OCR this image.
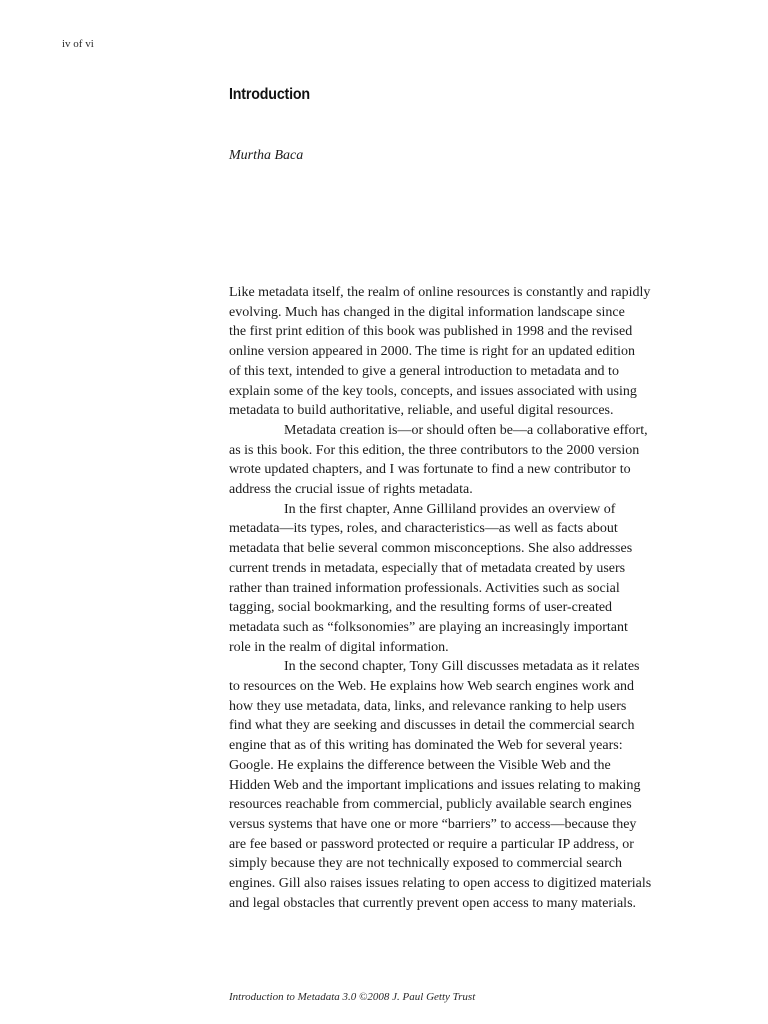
iv of vi
Introduction
Murtha Baca
Like metadata itself, the realm of online resources is constantly and rapidly
evolving. Much has changed in the digital information landscape since
the first print edition of this book was published in 1998 and the revised
online version appeared in 2000. The time is right for an updated edition
of this text, intended to give a general introduction to metadata and to
explain some of the key tools, concepts, and issues associated with using
metadata to build authoritative, reliable, and useful digital resources.
Metadata creation is—or should often be—a collaborative effort,
as is this book. For this edition, the three contributors to the 2000 version
wrote updated chapters, and I was fortunate to find a new contributor to
address the crucial issue of rights metadata.
In the first chapter, Anne Gilliland provides an overview of
metadata—its types, roles, and characteristics—as well as facts about
metadata that belie several common misconceptions. She also addresses
current trends in metadata, especially that of metadata created by users
rather than trained information professionals. Activities such as social
tagging, social bookmarking, and the resulting forms of user-created
metadata such as “folksonomies” are playing an increasingly important
role in the realm of digital information.
In the second chapter, Tony Gill discusses metadata as it relates
to resources on the Web. He explains how Web search engines work and
how they use metadata, data, links, and relevance ranking to help users
find what they are seeking and discusses in detail the commercial search
engine that as of this writing has dominated the Web for several years:
Google. He explains the difference between the Visible Web and the
Hidden Web and the important implications and issues relating to making
resources reachable from commercial, publicly available search engines
versus systems that have one or more “barriers” to access—because they
are fee based or password protected or require a particular IP address, or
simply because they are not technically exposed to commercial search
engines. Gill also raises issues relating to open access to digitized materials
and legal obstacles that currently prevent open access to many materials.
Introduction to Metadata 3.0 ©2008 J. Paul Getty Trust
